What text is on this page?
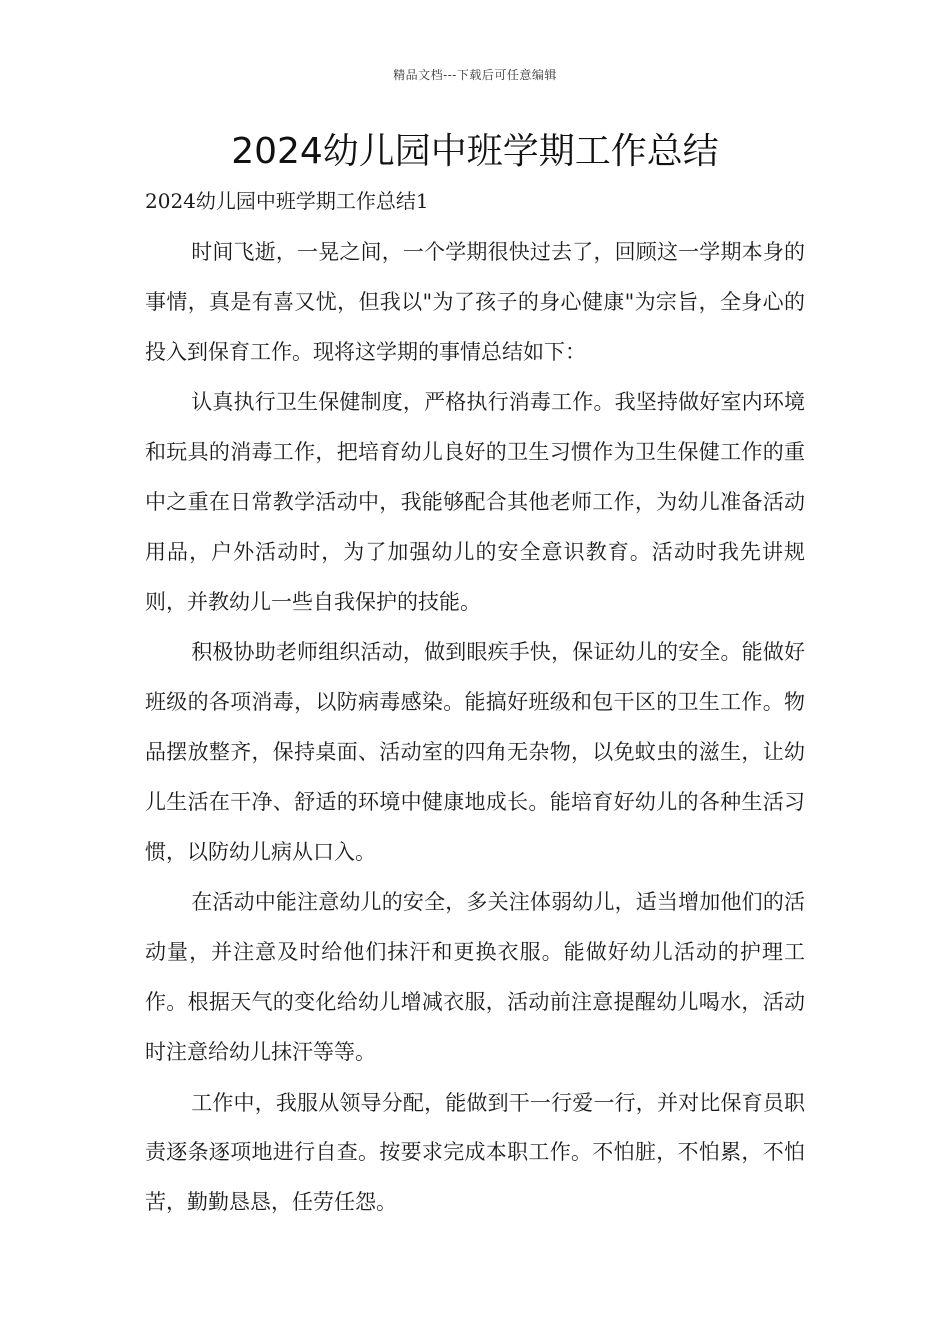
精品文档---下载后可任意编辑
2024幼儿园中班学期工作总结

2024幼儿园中班学期工作总结1

时间飞逝，一晃之间，一个学期很快过去了，回顾这一学期本身的事情，真是有喜又忧，但我以"为了孩子的身心健康"为宗旨，全身心的投入到保育工作。现将这学期的事情总结如下：

认真执行卫生保健制度，严格执行消毒工作。我坚持做好室内环境和玩具的消毒工作，把培育幼儿良好的卫生习惯作为卫生保健工作的重中之重在日常教学活动中，我能够配合其他老师工作，为幼儿准备活动用品，户外活动时，为了加强幼儿的安全意识教育。活动时我先讲规则，并教幼儿一些自我保护的技能。

积极协助老师组织活动，做到眼疾手快，保证幼儿的安全。能做好班级的各项消毒，以防病毒感染。能搞好班级和包干区的卫生工作。物品摆放整齐，保持桌面、活动室的四角无杂物，以免蚊虫的滋生，让幼儿生活在干净、舒适的环境中健康地成长。能培育好幼儿的各种生活习惯，以防幼儿病从口入。

在活动中能注意幼儿的安全，多关注体弱幼儿，适当增加他们的活动量，并注意及时给他们抹汗和更换衣服。能做好幼儿活动的护理工作。根据天气的变化给幼儿增减衣服，活动前注意提醒幼儿喝水，活动时注意给幼儿抹汗等等。

工作中，我服从领导分配，能做到干一行爱一行，并对比保育员职责逐条逐项地进行自查。按要求完成本职工作。不怕脏，不怕累，不怕苦，勤勤恳恳，任劳任怨。
